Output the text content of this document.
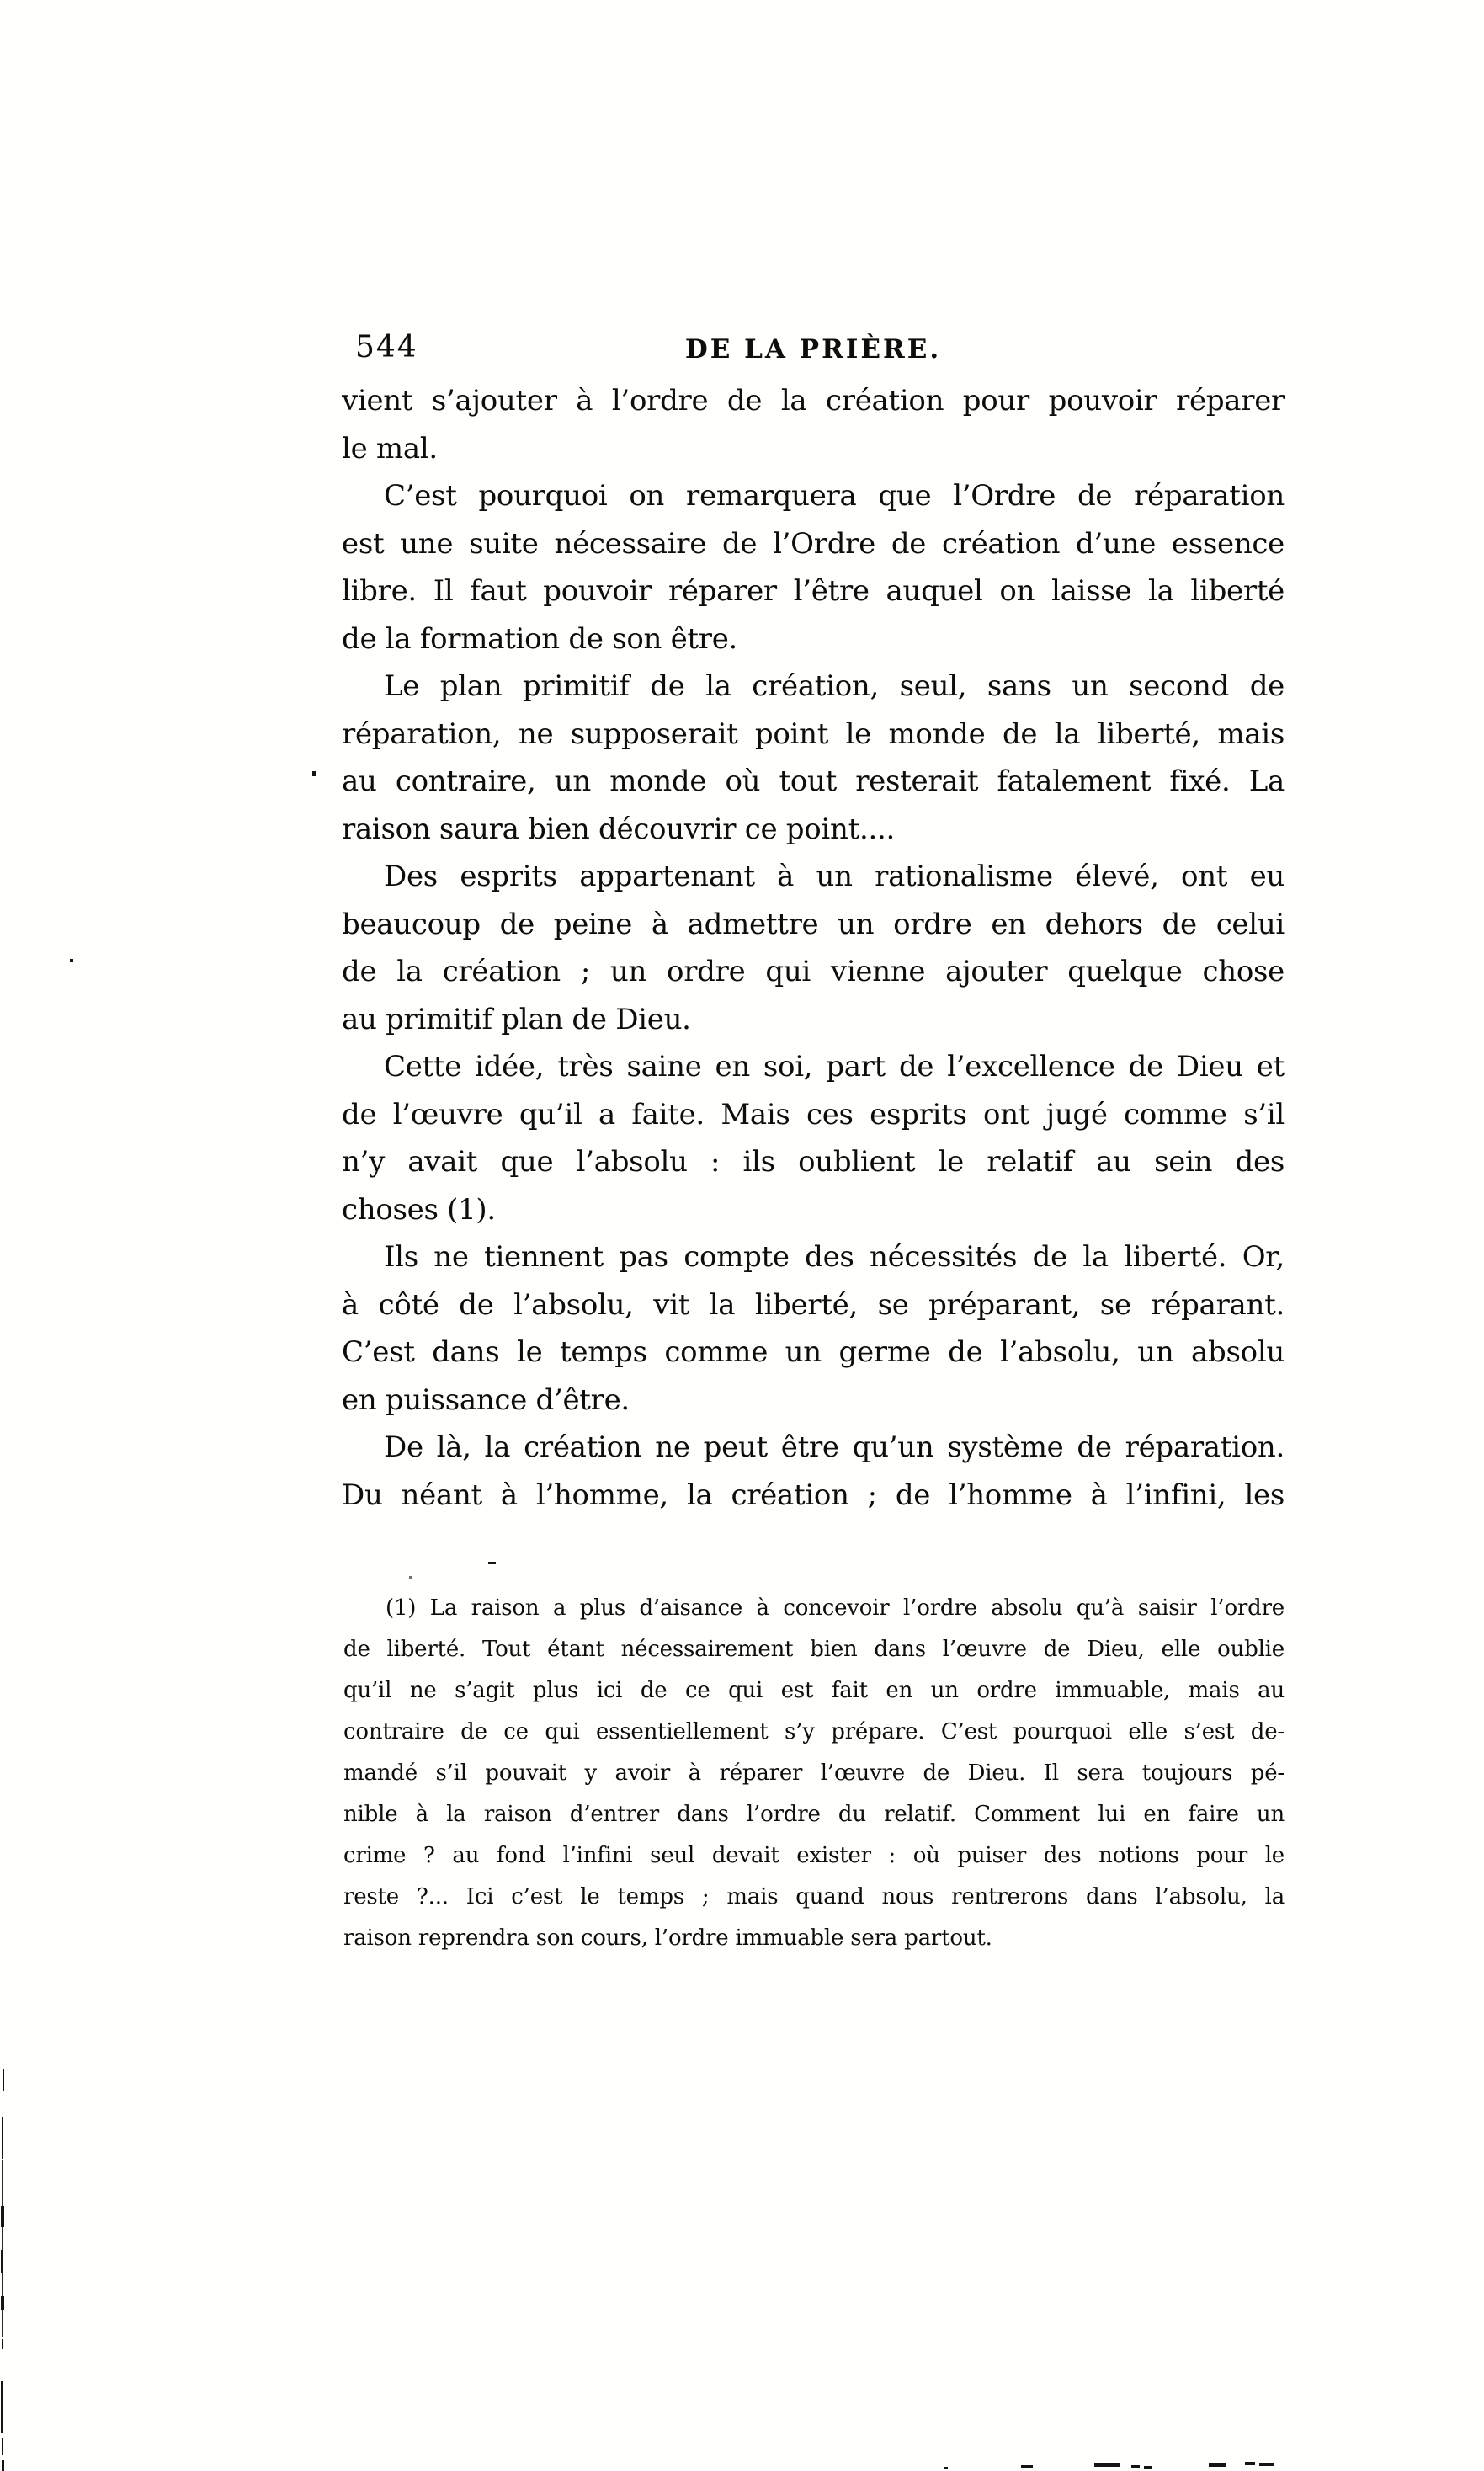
544	DE LA PRIÈRE.
vient s’ajouter à l’ordre de la création pour pouvoir réparer
le mal.
C’est pourquoi on remarquera que l’Ordre de réparation
est une suite nécessaire de l’Ordre de création d’une essence
libre. Il faut pouvoir réparer l’être auquel on laisse la liberté
de la formation de son être.
Le plan primitif de la création, seul, sans un second de
réparation, ne supposerait point le monde de la liberté, mais
au contraire, un monde où tout resterait fatalement fixé. La
raison saura bien découvrir ce point....
Des esprits appartenant à un rationalisme élevé, ont eu
beaucoup de peine à admettre un ordre en dehors de celui
de la création ; un ordre qui vienne ajouter quelque chose
au primitif plan de Dieu.
Cette idée, très saine en soi, part de l’excellence de Dieu et
de l’œuvre qu’il a faite. Mais ces esprits ont jugé comme s’il
n’y avait que l’absolu : ils oublient le relatif au sein des
choses (1).
Ils ne tiennent pas compte des nécessités de la liberté. Or,
à côté de l’absolu, vit la liberté, se préparant, se réparant.
C’est dans le temps comme un germe de l’absolu, un absolu
en puissance d’être.
De là, la création ne peut être qu’un système de réparation.
Du néant à l’homme, la création ; de l’homme à l’infini, les
(1) La raison a plus d’aisance à concevoir l’ordre absolu qu’à saisir l’ordre
de liberté. Tout étant nécessairement bien dans l’œuvre de Dieu, elle oublie
qu’il ne s’agit plus ici de ce qui est fait en un ordre immuable, mais au
contraire de ce qui essentiellement s’y prépare. C’est pourquoi elle s’est de-
mandé s’il pouvait y avoir à réparer l’œuvre de Dieu. Il sera toujours pé-
nible à la raison d’entrer dans l’ordre du relatif. Comment lui en faire un
crime ? au fond l’infini seul devait exister : où puiser des notions pour le
reste ?... Ici c’est le temps ; mais quand nous rentrerons dans l’absolu, la
raison reprendra son cours, l’ordre immuable sera partout.
